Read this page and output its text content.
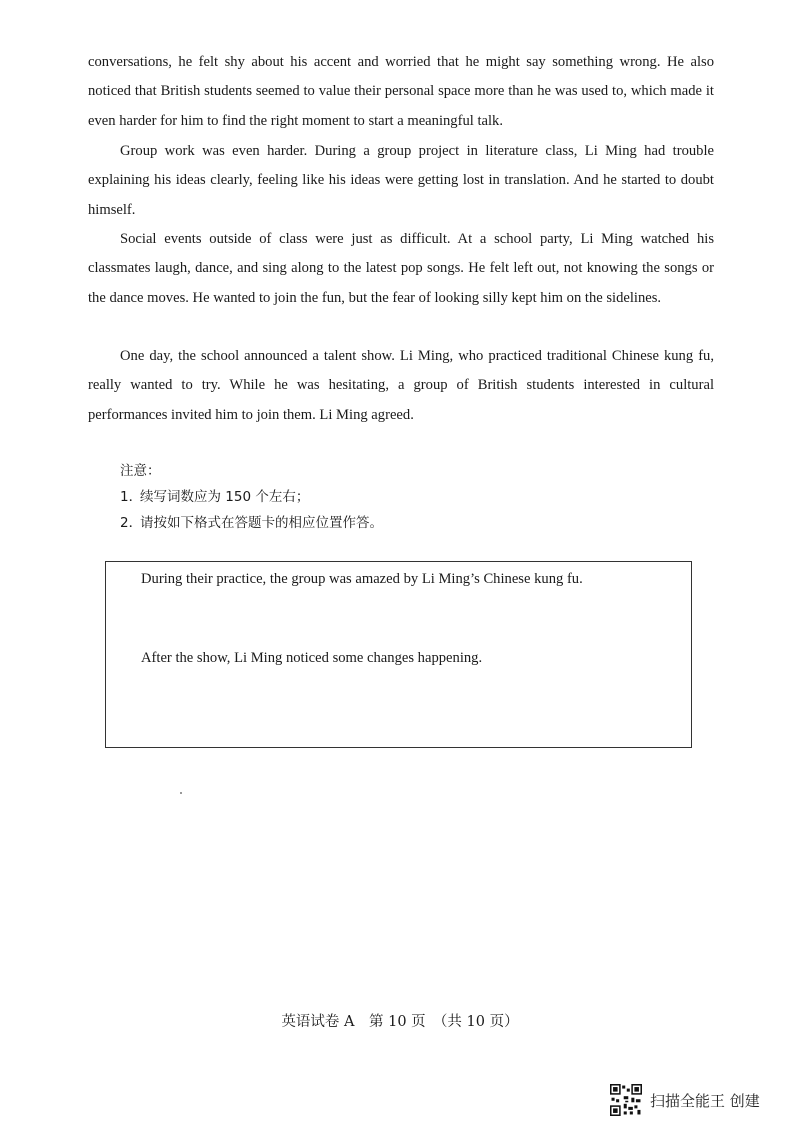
conversations, he felt shy about his accent and worried that he might say something wrong. He also noticed that British students seemed to value their personal space more than he was used to, which made it even harder for him to find the right moment to start a meaningful talk.

Group work was even harder. During a group project in literature class, Li Ming had trouble explaining his ideas clearly, feeling like his ideas were getting lost in translation. And he started to doubt himself.

Social events outside of class were just as difficult. At a school party, Li Ming watched his classmates laugh, dance, and sing along to the latest pop songs. He felt left out, not knowing the songs or the dance moves. He wanted to join the fun, but the fear of looking silly kept him on the sidelines.

One day, the school announced a talent show. Li Ming, who practiced traditional Chinese kung fu, really wanted to try. While he was hesitating, a group of British students interested in cultural performances invited him to join them. Li Ming agreed.

注意：
1．续写词数应为 150 个左右；
2．请按如下格式在答题卡的相应位置作答。
During their practice, the group was amazed by Li Ming’s Chinese kung fu.
After the show, Li Ming noticed some changes happening.
英语试卷 A　第 10 页　（共 10 页）
扫描全能王 创建
